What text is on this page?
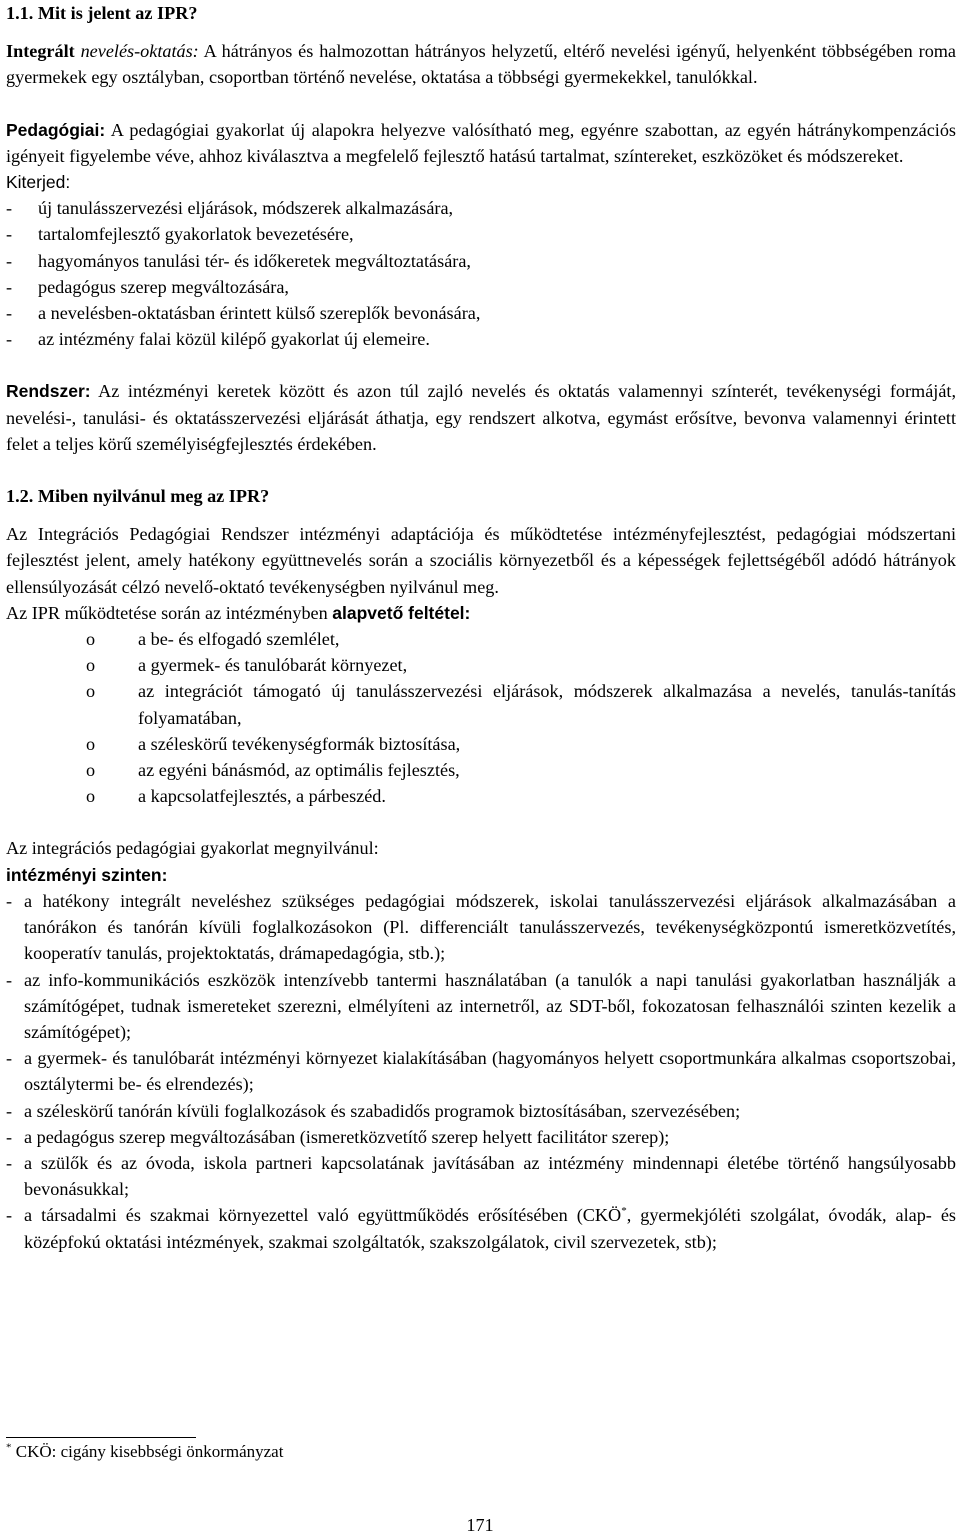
1.1. Mit is jelent az IPR?

Integrált nevelés-oktatás: A hátrányos és halmozottan hátrányos helyzetű, eltérő nevelési igényű, helyenként többségében roma gyermekek egy osztályban, csoportban történő nevelése, oktatása a többségi gyermekekkel, tanulókkal.

Pedagógiai: A pedagógiai gyakorlat új alapokra helyezve valósítható meg, egyénre szabottan, az egyén hátránykompenzációs igényeit figyelembe véve, ahhoz kiválasztva a megfelelő fejlesztő hatású tartalmat, színtereket, eszközöket és módszereket.

Kiterjed:

- új tanulásszervezési eljárások, módszerek alkalmazására,
- tartalomfejlesztő gyakorlatok bevezetésére,
- hagyományos tanulási tér- és időkeretek megváltoztatására,
- pedagógus szerep megváltozására,
- a nevelésben-oktatásban érintett külső szereplők bevonására,
- az intézmény falai közül kilépő gyakorlat új elemeire.

Rendszer: Az intézményi keretek között és azon túl zajló nevelés és oktatás valamennyi színterét, tevékenységi formáját, nevelési-, tanulási- és oktatásszervezési eljárását áthatja, egy rendszert alkotva, egymást erősítve, bevonva valamennyi érintett felet a teljes körű személyiségfejlesztés érdekében.

1.2. Miben nyilvánul meg az IPR?

Az Integrációs Pedagógiai Rendszer intézményi adaptációja és működtetése intézményfejlesztést, pedagógiai módszertani fejlesztést jelent, amely hatékony együttnevelés során a szociális környezetből és a képességek fejlettségéből adódó hátrányok ellensúlyozását célzó nevelő-oktató tevékenységben nyilvánul meg.

Az IPR működtetése során az intézményben alapvető feltétel:

o a be- és elfogadó szemlélet,
o a gyermek- és tanulóbarát környezet,
o az integrációt támogató új tanulásszervezési eljárások, módszerek alkalmazása a nevelés, tanulás-tanítás folyamatában,
o a széleskörű tevékenységformák biztosítása,
o az egyéni bánásmód, az optimális fejlesztés,
o a kapcsolatfejlesztés, a párbeszéd.

Az integrációs pedagógiai gyakorlat megnyilvánul:

intézményi szinten:

- a hatékony integrált neveléshez szükséges pedagógiai módszerek, iskolai tanulásszervezési eljárások alkalmazásában a tanórákon és tanórán kívüli foglalkozásokon (Pl. differenciált tanulásszervezés, tevékenységközpontú ismeretközvetítés, kooperatív tanulás, projektoktatás, drámapedagógia, stb.);
- az info-kommunikációs eszközök intenzívebb tantermi használatában (a tanulók a napi tanulási gyakorlatban használják a számítógépet, tudnak ismereteket szerezni, elmélyíteni az internetről, az SDT-ből, fokozatosan felhasználói szinten kezelik a számítógépet);
- a gyermek- és tanulóbarát intézményi környezet kialakításában (hagyományos helyett csoportmunkára alkalmas csoportszobai, osztálytermi be- és elrendezés);
- a széleskörű tanórán kívüli foglalkozások és szabadidős programok biztosításában, szervezésében;
- a pedagógus szerep megváltozásában (ismeretközvetítő szerep helyett facilitátor szerep);
- a szülők és az óvoda, iskola partneri kapcsolatának javításában az intézmény mindennapi életébe történő hangsúlyosabb bevonásukkal;
- a társadalmi és szakmai környezettel való együttműködés erősítésében (CKÖ*, gyermekjóléti szolgálat, óvodák, alap- és középfokú oktatási intézmények, szakmai szolgáltatók, szakszolgálatok, civil szervezetek, stb);
* CKÖ: cigány kisebbségi önkormányzat
171
